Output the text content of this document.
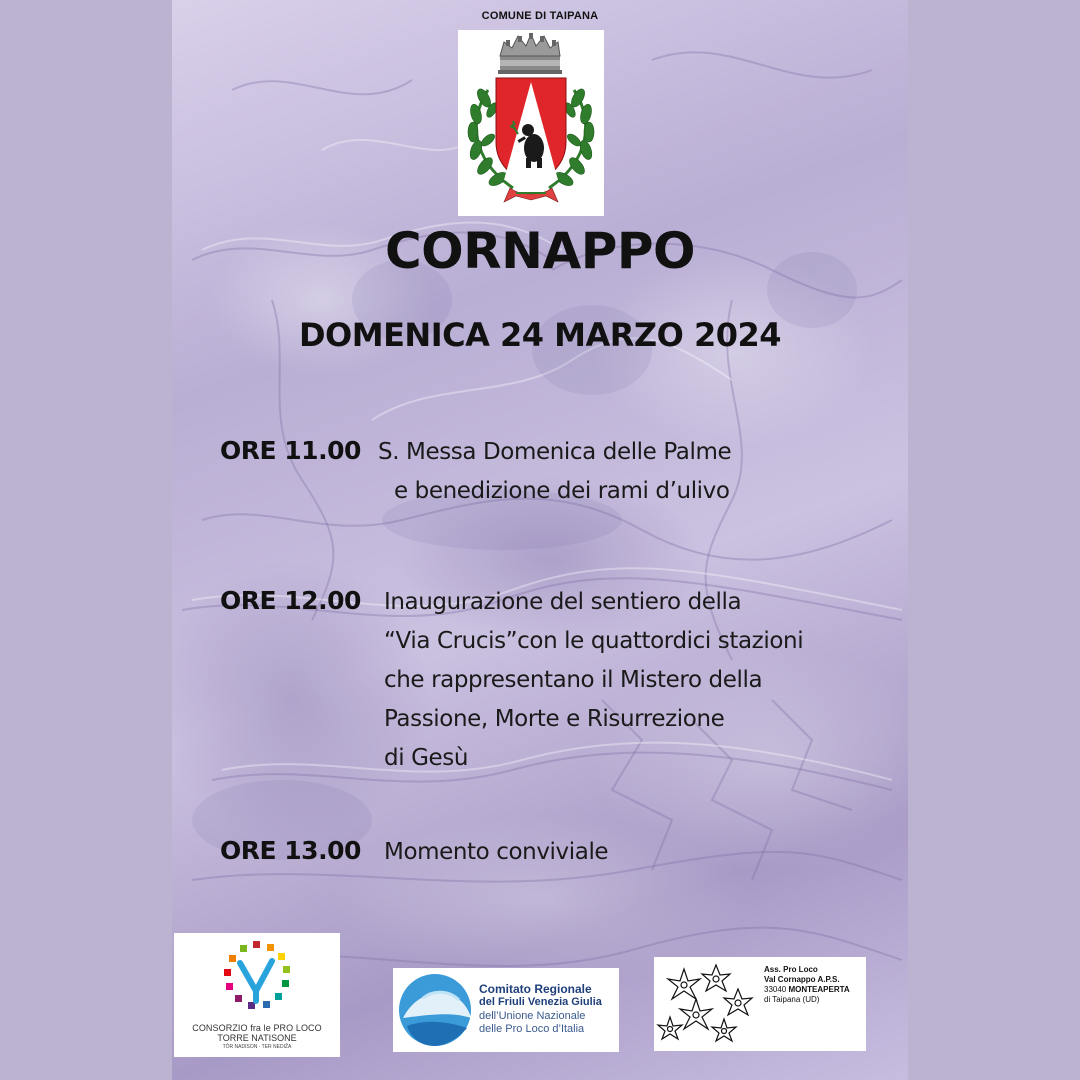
COMUNE DI TAIPANA
CORNAPPO
DOMENICA 24 MARZO 2024
ORE 11.00 S. Messa Domenica delle Palme
e benedizione dei rami d’ulivo
ORE 12.00 Inaugurazione del sentiero della
“Via Crucis”con le quattordici stazioni
che rappresentano il Mistero della
Passione, Morte e Risurrezione
di Gesù
ORE 13.00 Momento conviviale
CONSORZIO fra le PRO LOCO
TORRE NATISONE
TÔR NADISON · TER NEDIŽA
Comitato Regionale
del Friuli Venezia Giulia
dell’Unione Nazionale
delle Pro Loco d’Italia
Ass. Pro Loco
Val Cornappo A.P.S.
33040 MONTEAPERTA
di Taipana (UD)
